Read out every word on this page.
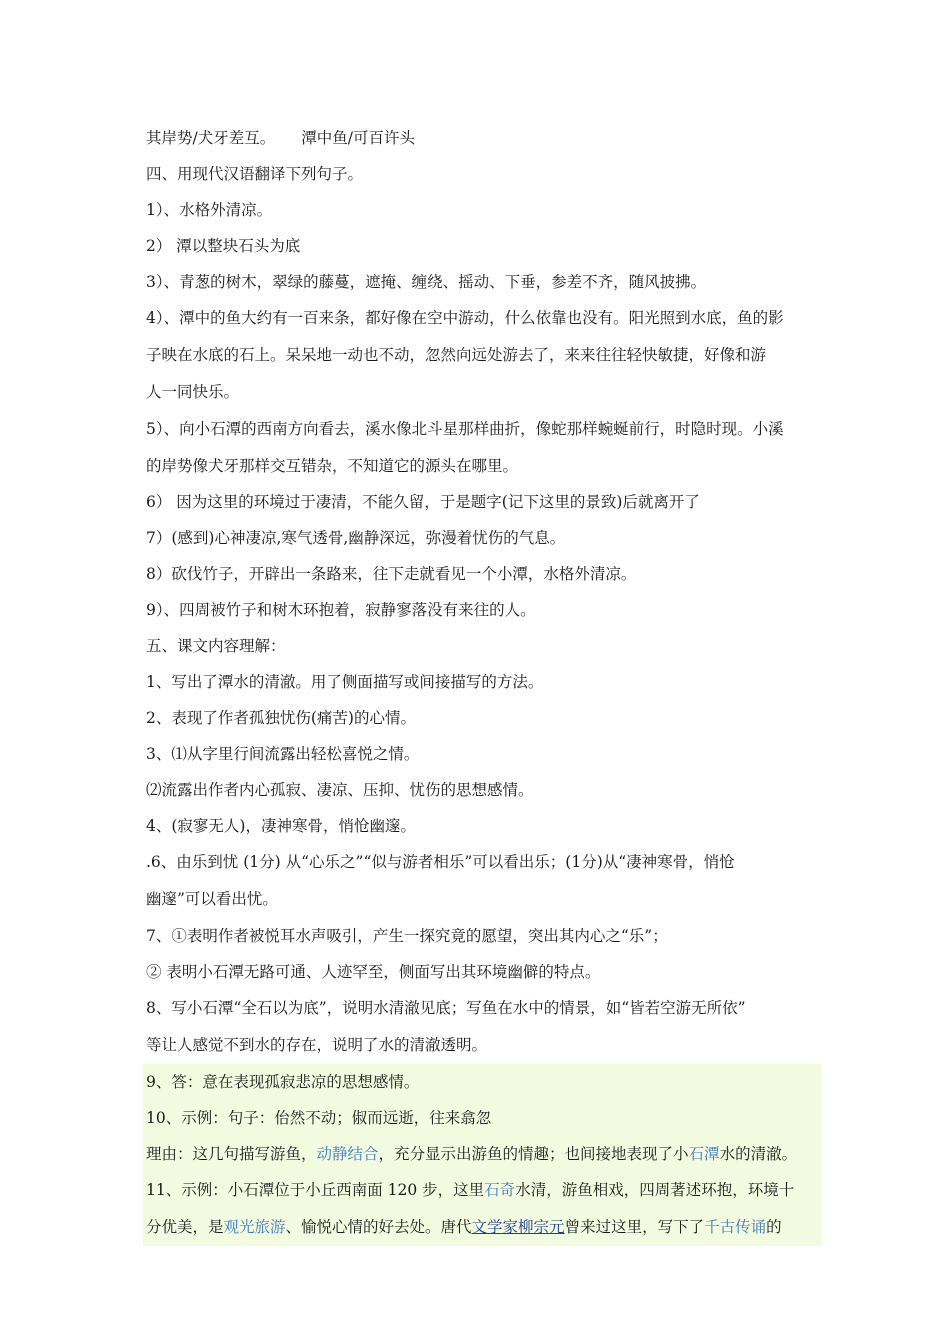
其岸势/犬牙差互。 潭中鱼/可百许头
四、用现代汉语翻译下列句子。
1）、水格外清凉。
2） 潭以整块石头为底
3）、青葱的树木，翠绿的藤蔓，遮掩、缠绕、摇动、下垂，参差不齐，随风披拂。
4）、潭中的鱼大约有一百来条，都好像在空中游动，什么依靠也没有。阳光照到水底，鱼的影
子映在水底的石上。呆呆地一动也不动，忽然向远处游去了，来来往往轻快敏捷，好像和游
人一同快乐。
5）、向小石潭的西南方向看去，溪水像北斗星那样曲折，像蛇那样蜿蜒前行，时隐时现。小溪
的岸势像犬牙那样交互错杂，不知道它的源头在哪里。
6） 因为这里的环境过于凄清，不能久留，于是题字(记下这里的景致)后就离开了
7）(感到)心神凄凉,寒气透骨,幽静深远，弥漫着忧伤的气息。
8）砍伐竹子，开辟出一条路来，往下走就看见一个小潭，水格外清凉。
9）、四周被竹子和树木环抱着，寂静寥落没有来往的人。
五、课文内容理解：
1、写出了潭水的清澈。用了侧面描写或间接描写的方法。
2、表现了作者孤独忧伤(痛苦)的心情。
3、⑴从字里行间流露出轻松喜悦之情。
⑵流露出作者内心孤寂、凄凉、压抑、忧伤的思想感情。
4、(寂寥无人)，凄神寒骨，悄怆幽邃。
.6、由乐到忧 (1分) 从“心乐之”“似与游者相乐”可以看出乐；(1分)从“凄神寒骨，悄怆
幽邃”可以看出忧。
7、①表明作者被悦耳水声吸引，产生一探究竟的愿望，突出其内心之“乐”；
② 表明小石潭无路可通、人迹罕至，侧面写出其环境幽僻的特点。
8、写小石潭“全石以为底”，说明水清澈见底；写鱼在水中的情景，如“皆若空游无所依”
等让人感觉不到水的存在，说明了水的清澈透明。
9、答：意在表现孤寂悲凉的思想感情。
10、示例：句子：佁然不动；俶而远逝，往来翕忽
理由：这几句描写游鱼，动静结合，充分显示出游鱼的情趣；也间接地表现了小石潭水的清澈。
11、示例：小石潭位于小丘西南面 120 步，这里石奇水清，游鱼相戏，四周著述环抱，环境十
分优美，是观光旅游、愉悦心情的好去处。唐代文学家柳宗元曾来过这里，写下了千古传诵的
